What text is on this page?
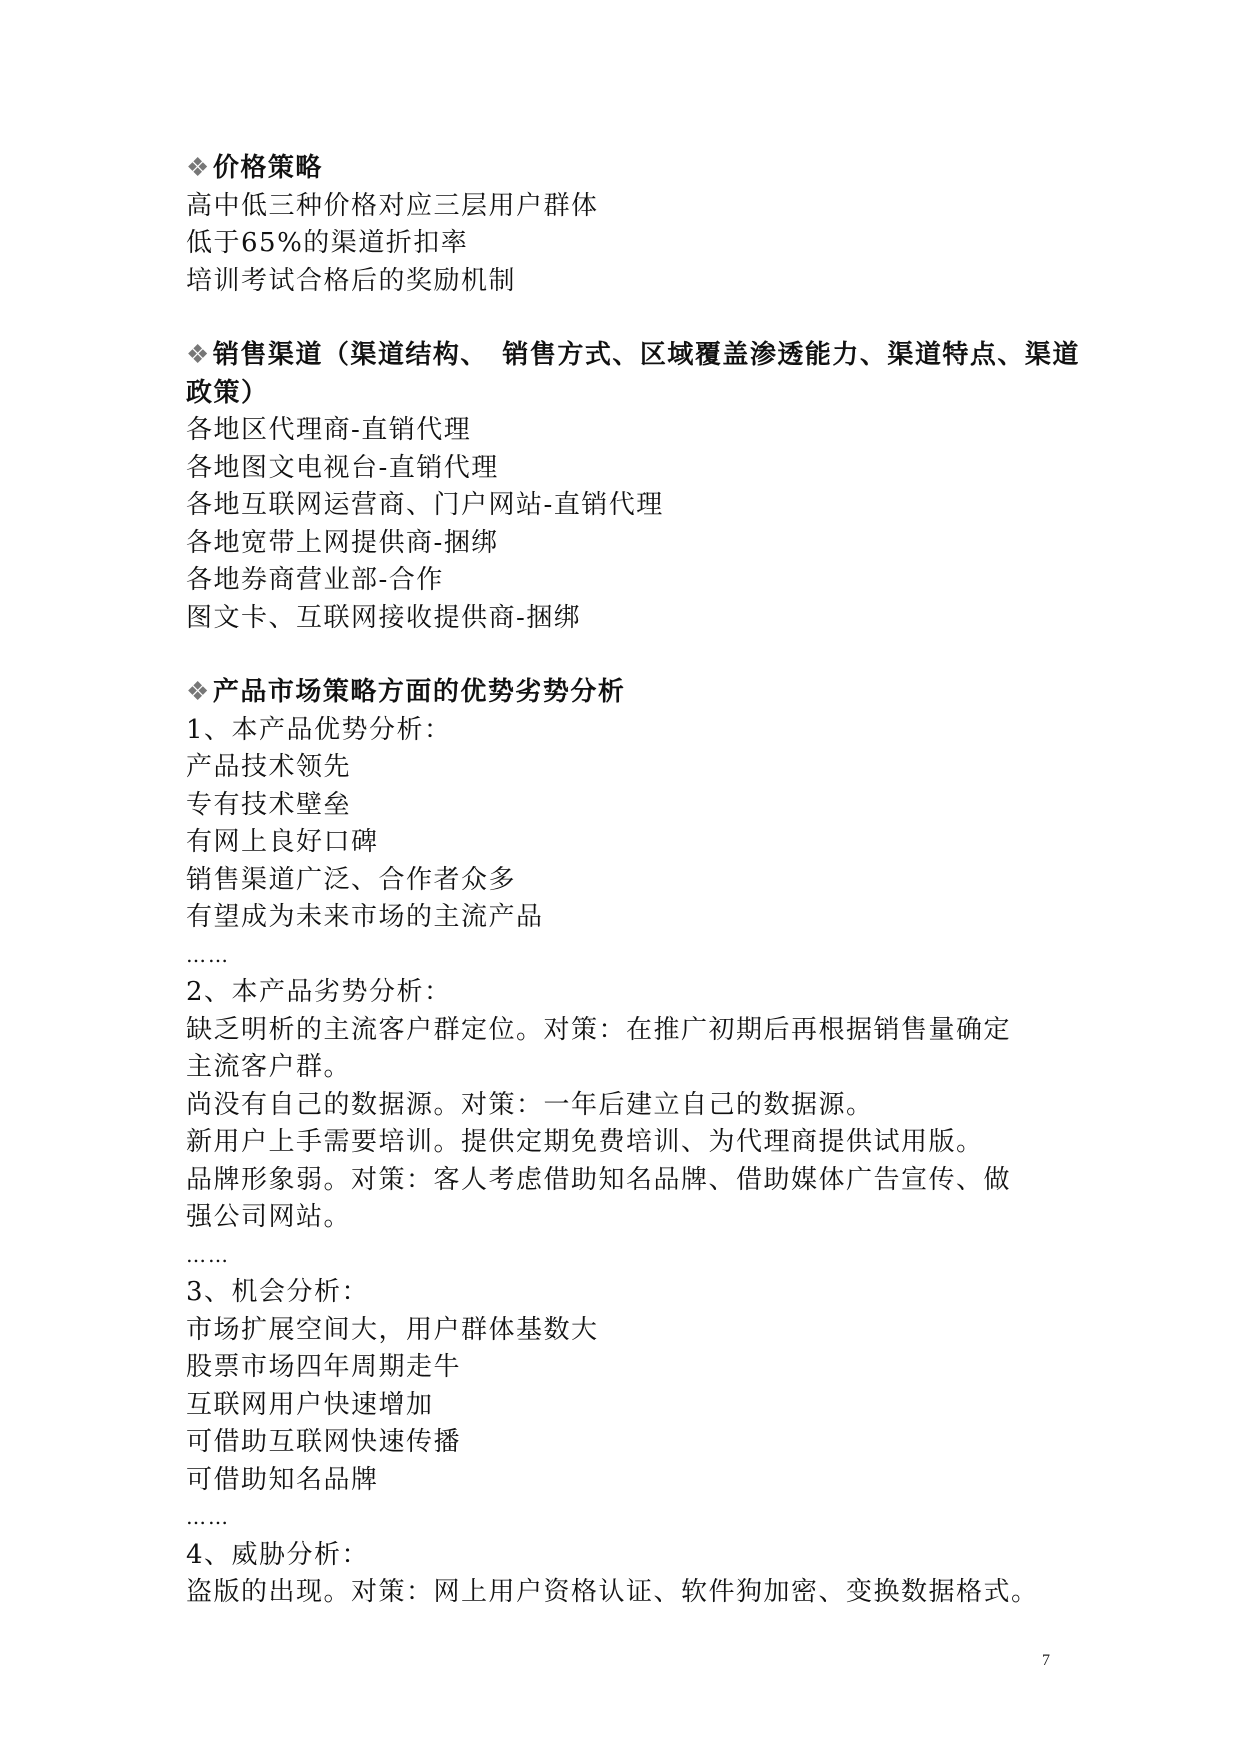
❖价格策略
高中低三种价格对应三层用户群体
低于65%的渠道折扣率
培训考试合格后的奖励机制
❖销售渠道（渠道结构、　销售方式、区域覆盖渗透能力、渠道特点、渠道政策）
各地区代理商-直销代理
各地图文电视台-直销代理
各地互联网运营商、门户网站-直销代理
各地宽带上网提供商-捆绑
各地券商营业部-合作
图文卡、互联网接收提供商-捆绑
❖产品市场策略方面的优势劣势分析
1、本产品优势分析：
产品技术领先
专有技术壁垒
有网上良好口碑
销售渠道广泛、合作者众多
有望成为未来市场的主流产品
……
2、本产品劣势分析：
缺乏明析的主流客户群定位。对策：在推广初期后再根据销售量确定
主流客户群。
尚没有自己的数据源。对策：一年后建立自己的数据源。
新用户上手需要培训。提供定期免费培训、为代理商提供试用版。
品牌形象弱。对策：客人考虑借助知名品牌、借助媒体广告宣传、做
强公司网站。
……
3、机会分析：
市场扩展空间大，用户群体基数大
股票市场四年周期走牛
互联网用户快速增加
可借助互联网快速传播
可借助知名品牌
……
4、威胁分析：
盗版的出现。对策：网上用户资格认证、软件狗加密、变换数据格式。
7
